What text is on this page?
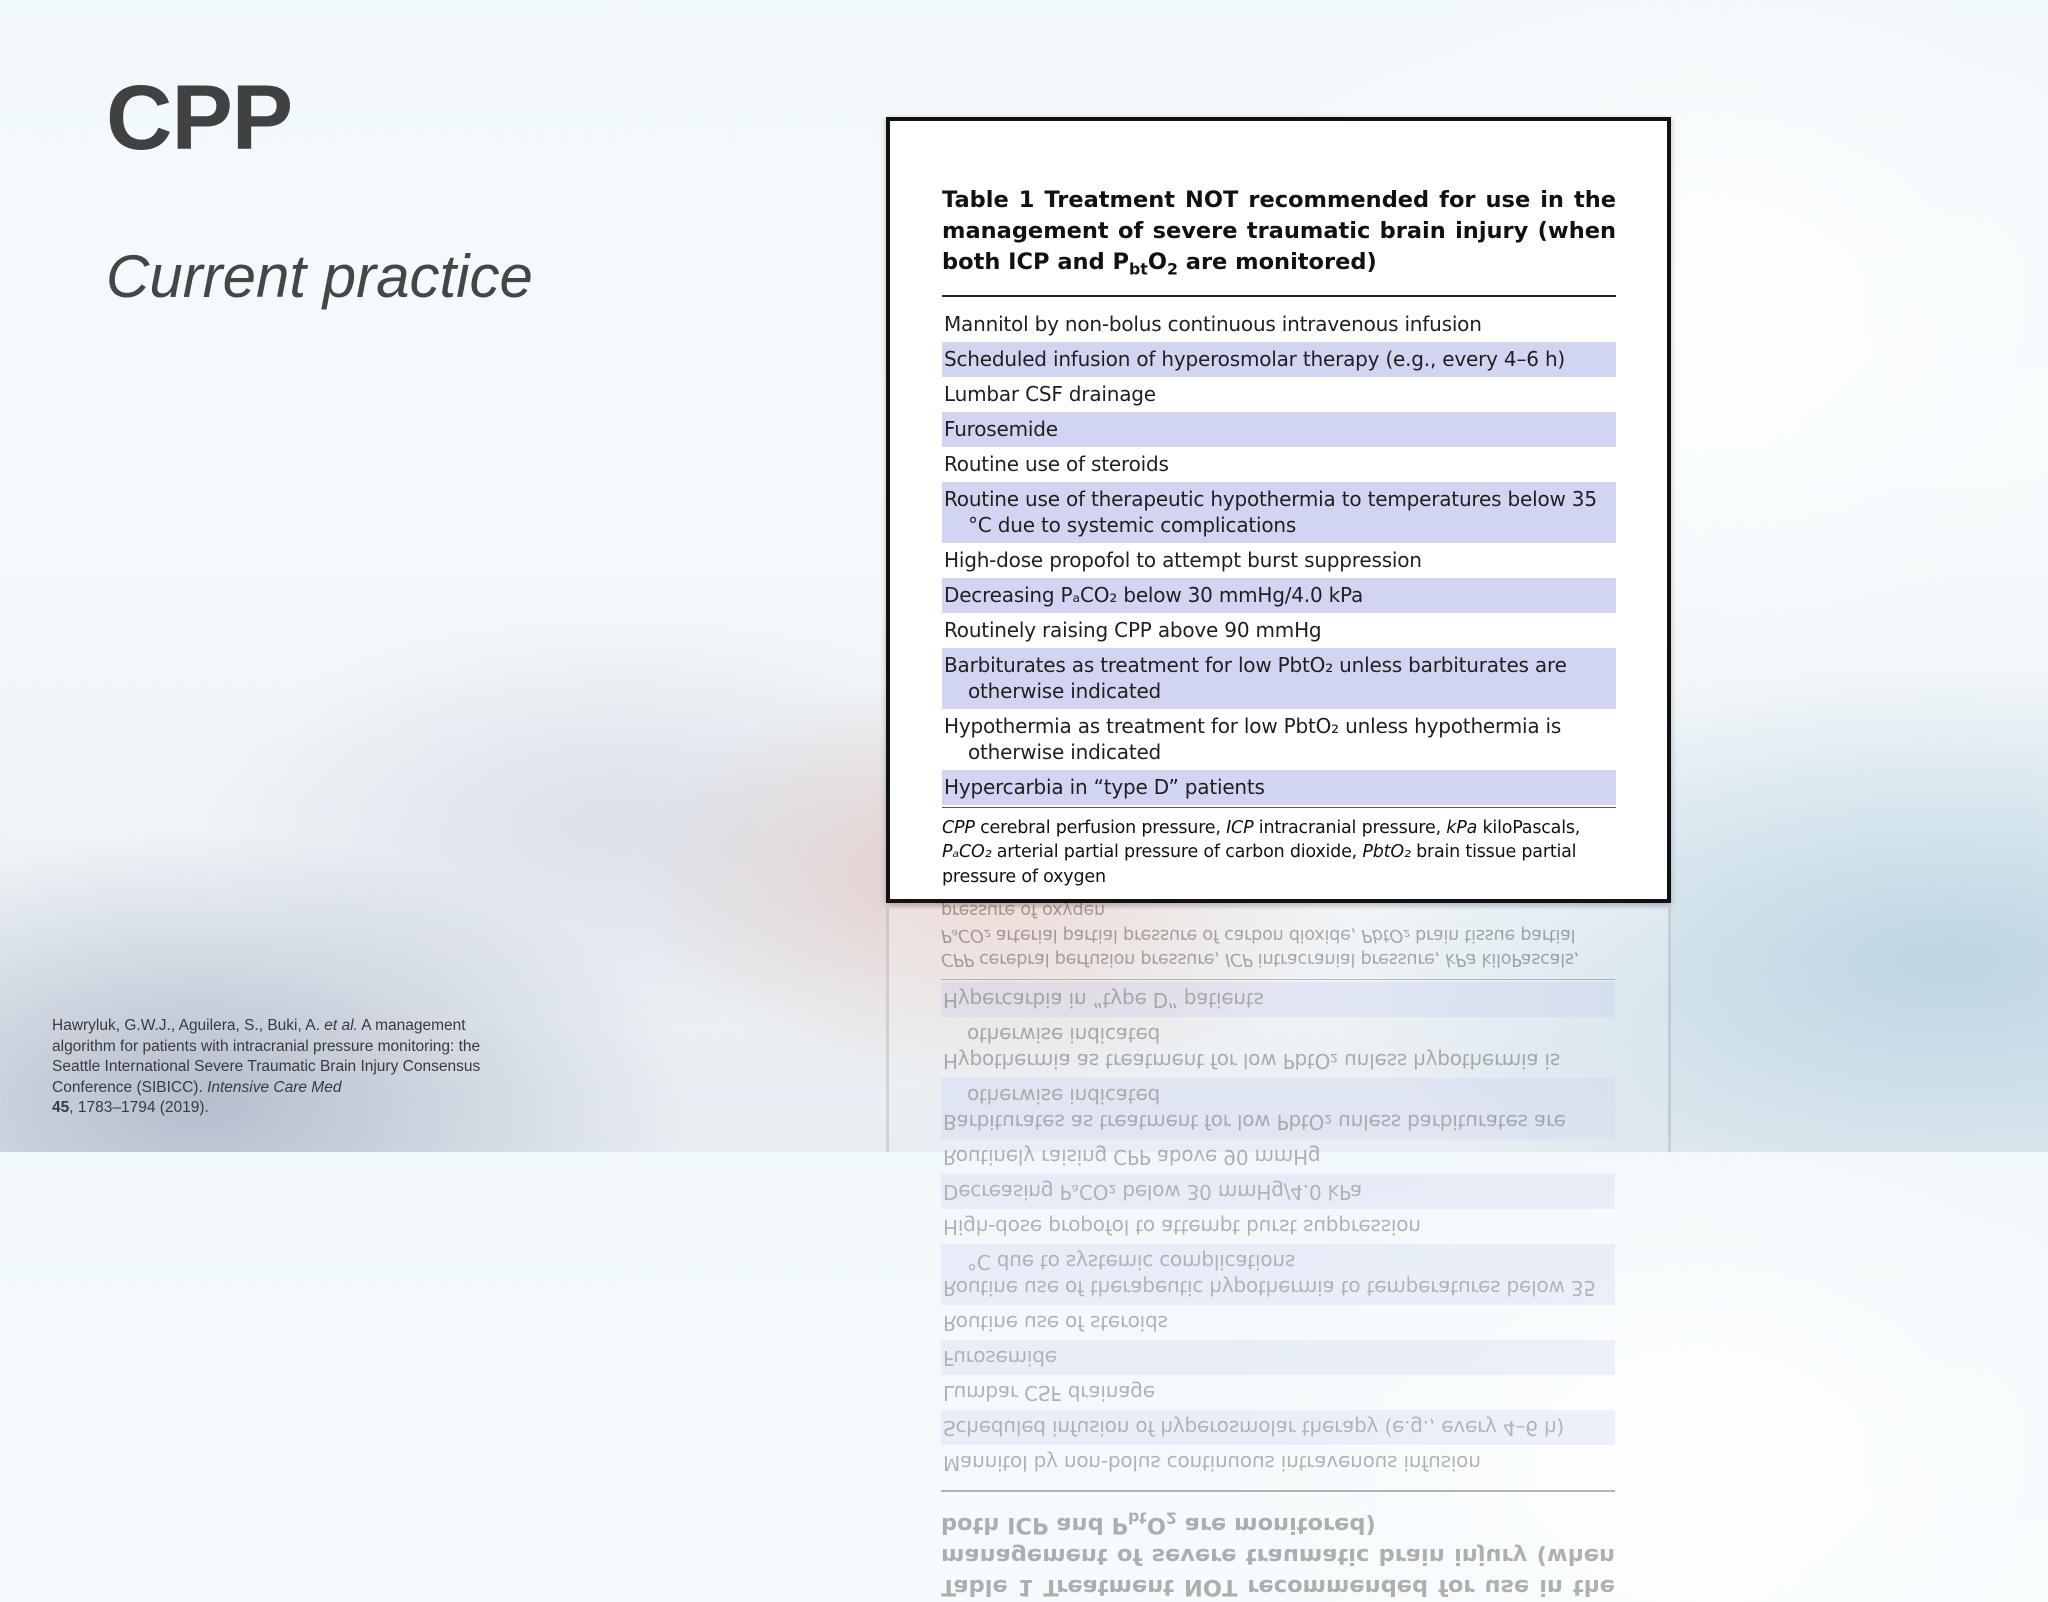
CPP
Current practice
Table 1 Treatment NOT recommended for use in the management of severe traumatic brain injury (when both ICP and $P_{bt}O_2$ are monitored)
Mannitol by non-bolus continuous intravenous infusion
Scheduled infusion of hyperosmolar therapy (e.g., every 4–6 h)
Lumbar CSF drainage
Furosemide
Routine use of steroids
Routine use of therapeutic hypothermia to temperatures below 35 °C due to systemic complications
High-dose propofol to attempt burst suppression
Decreasing PₐCO₂ below 30 mmHg/4.0 kPa
Routinely raising CPP above 90 mmHg
Barbiturates as treatment for low PbtO₂ unless barbiturates are otherwise indicated
Hypothermia as treatment for low PbtO₂ unless hypothermia is otherwise indicated
Hypercarbia in “type D” patients
CPP cerebral perfusion pressure, ICP intracranial pressure, kPa kiloPascals, PₐCO₂ arterial partial pressure of carbon dioxide, PbtO₂ brain tissue partial pressure of oxygen
Table 1 Treatment NOT recommended for use in the management of severe traumatic brain injury (when both ICP and $P_{bt}O_2$ are monitored)
Mannitol by non-bolus continuous intravenous infusion
Scheduled infusion of hyperosmolar therapy (e.g., every 4–6 h)
Lumbar CSF drainage
Furosemide
Routine use of steroids
Routine use of therapeutic hypothermia to temperatures below 35 °C due to systemic complications
High-dose propofol to attempt burst suppression
Decreasing PₐCO₂ below 30 mmHg/4.0 kPa
Routinely raising CPP above 90 mmHg
Barbiturates as treatment for low PbtO₂ unless barbiturates are otherwise indicated
Hypothermia as treatment for low PbtO₂ unless hypothermia is otherwise indicated
Hypercarbia in “type D” patients
CPP cerebral perfusion pressure, ICP intracranial pressure, kPa kiloPascals, PₐCO₂ arterial partial pressure of carbon dioxide, PbtO₂ brain tissue partial pressure of oxygen
Hawryluk, G.W.J., Aguilera, S., Buki, A. et al. A management algorithm for patients with intracranial pressure monitoring: the Seattle International Severe Traumatic Brain Injury Consensus Conference (SIBICC). Intensive Care Med
45, 1783–1794 (2019).
